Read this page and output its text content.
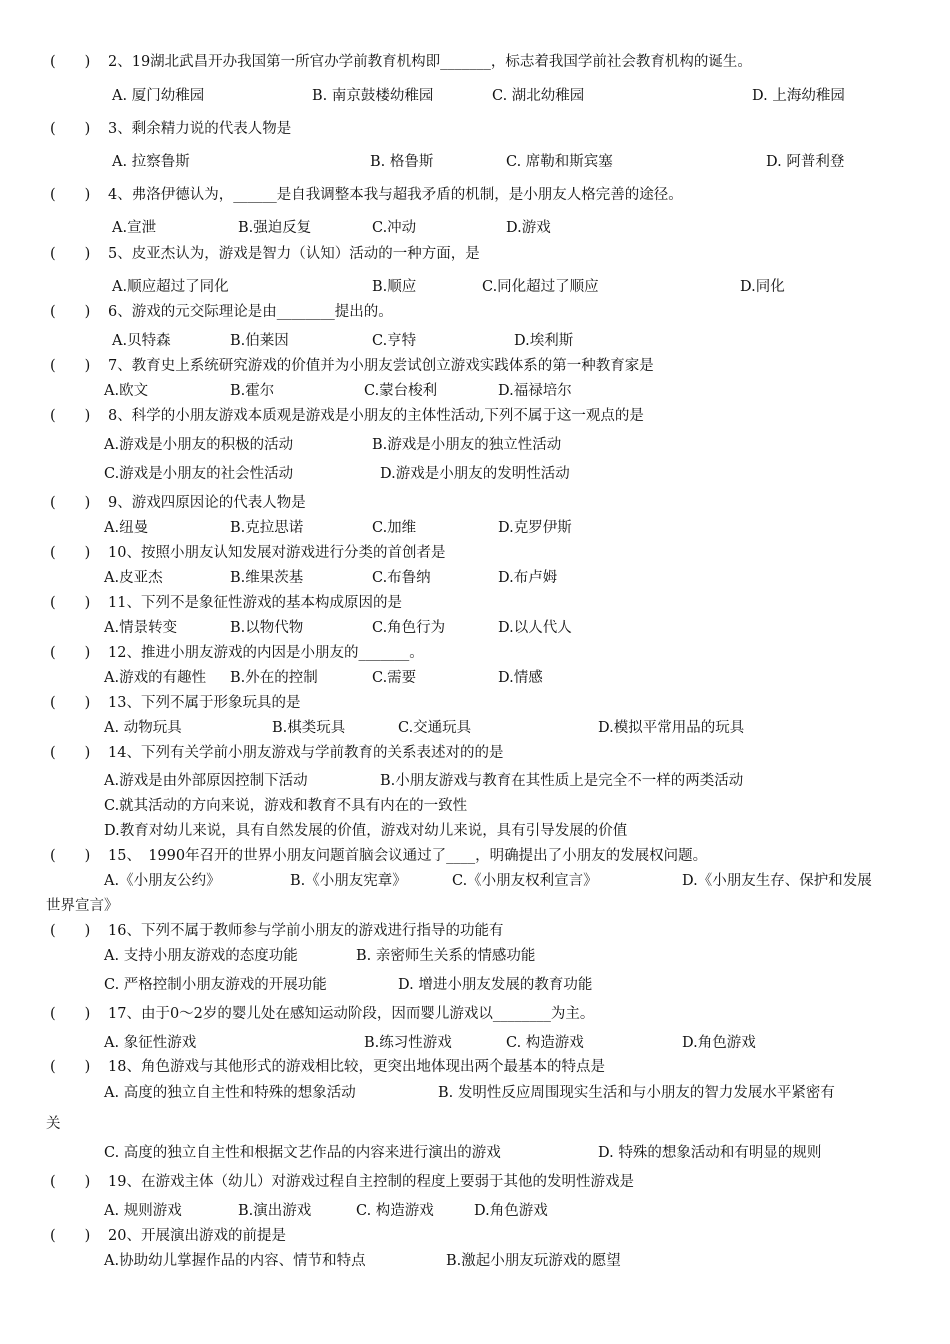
(　　) 2、19湖北武昌开办我国第一所官办学前教育机构即_______，标志着我国学前社会教育机构的诞生。
A. 厦门幼稚园	B. 南京鼓楼幼稚园	C. 湖北幼稚园	D. 上海幼稚园
(　　) 3、剩余精力说的代表人物是
A. 拉察鲁斯	B. 格鲁斯	C. 席勒和斯宾塞	D. 阿普利登
(　　) 4、弗洛伊德认为，______是自我调整本我与超我矛盾的机制，是小朋友人格完善的途径。
A.宣泄	B.强迫反复	C.冲动	D.游戏
(　　) 5、皮亚杰认为，游戏是智力（认知）活动的一种方面，是
A.顺应超过了同化	B.顺应	C.同化超过了顺应	D.同化
(　　) 6、游戏的元交际理论是由________提出的。
A.贝特森	B.伯莱因	C.亨特	D.埃利斯
(　　) 7、教育史上系统研究游戏的价值并为小朋友尝试创立游戏实践体系的第一种教育家是
A.欧文	B.霍尔	C.蒙台梭利	D.福禄培尔
(　　) 8、科学的小朋友游戏本质观是游戏是小朋友的主体性活动,下列不属于这一观点的是
A.游戏是小朋友的积极的活动	B.游戏是小朋友的独立性活动
C.游戏是小朋友的社会性活动	D.游戏是小朋友的发明性活动
(　　) 9、游戏四原因论的代表人物是
A.纽曼	B.克拉思诺	C.加维	D.克罗伊斯
(　　) 10、按照小朋友认知发展对游戏进行分类的首创者是
A.皮亚杰	B.维果茨基	C.布鲁纳	D.布卢姆
(　　) 11、下列不是象征性游戏的基本构成原因的是
A.情景转变	B.以物代物	C.角色行为	D.以人代人
(　　) 12、推进小朋友游戏的内因是小朋友的_______。
A.游戏的有趣性 B.外在的控制	C.需要	D.情感
(　　) 13、下列不属于形象玩具的是
A. 动物玩具	B.棋类玩具	C.交通玩具	D.模拟平常用品的玩具
(　　) 14、下列有关学前小朋友游戏与学前教育的关系表述对的的是
A.游戏是由外部原因控制下活动	B.小朋友游戏与教育在其性质上是完全不一样的两类活动
C.就其活动的方向来说，游戏和教育不具有内在的一致性
D.教育对幼儿来说，具有自然发展的价值，游戏对幼儿来说，具有引导发展的价值
(　　) 15、　1990年召开的世界小朋友问题首脑会议通过了____，明确提出了小朋友的发展权问题。
A.《小朋友公约》	B.《小朋友宪章》	C.《小朋友权利宣言》	D.《小朋友生存、保护和发展
世界宣言》
(　　) 16、下列不属于教师参与学前小朋友的游戏进行指导的功能有
A. 支持小朋友游戏的态度功能	B. 亲密师生关系的情感功能
C. 严格控制小朋友游戏的开展功能	D. 增进小朋友发展的教育功能
(　　) 17、由于0～2岁的婴儿处在感知运动阶段，因而婴儿游戏以________为主。
A. 象征性游戏	B.练习性游戏	C. 构造游戏	D.角色游戏
(　　) 18、角色游戏与其他形式的游戏相比较，更突出地体现出两个最基本的特点是
A. 高度的独立自主性和特殊的想象活动	B. 发明性反应周围现实生活和与小朋友的智力发展水平紧密有
关
C. 高度的独立自主性和根据文艺作品的内容来进行演出的游戏	D. 特殊的想象活动和有明显的规则
(　　) 19、在游戏主体（幼儿）对游戏过程自主控制的程度上要弱于其他的发明性游戏是
A. 规则游戏	B.演出游戏	C. 构造游戏	D.角色游戏
(　　) 20、开展演出游戏的前提是
A.协助幼儿掌握作品的内容、情节和特点	B.激起小朋友玩游戏的愿望
